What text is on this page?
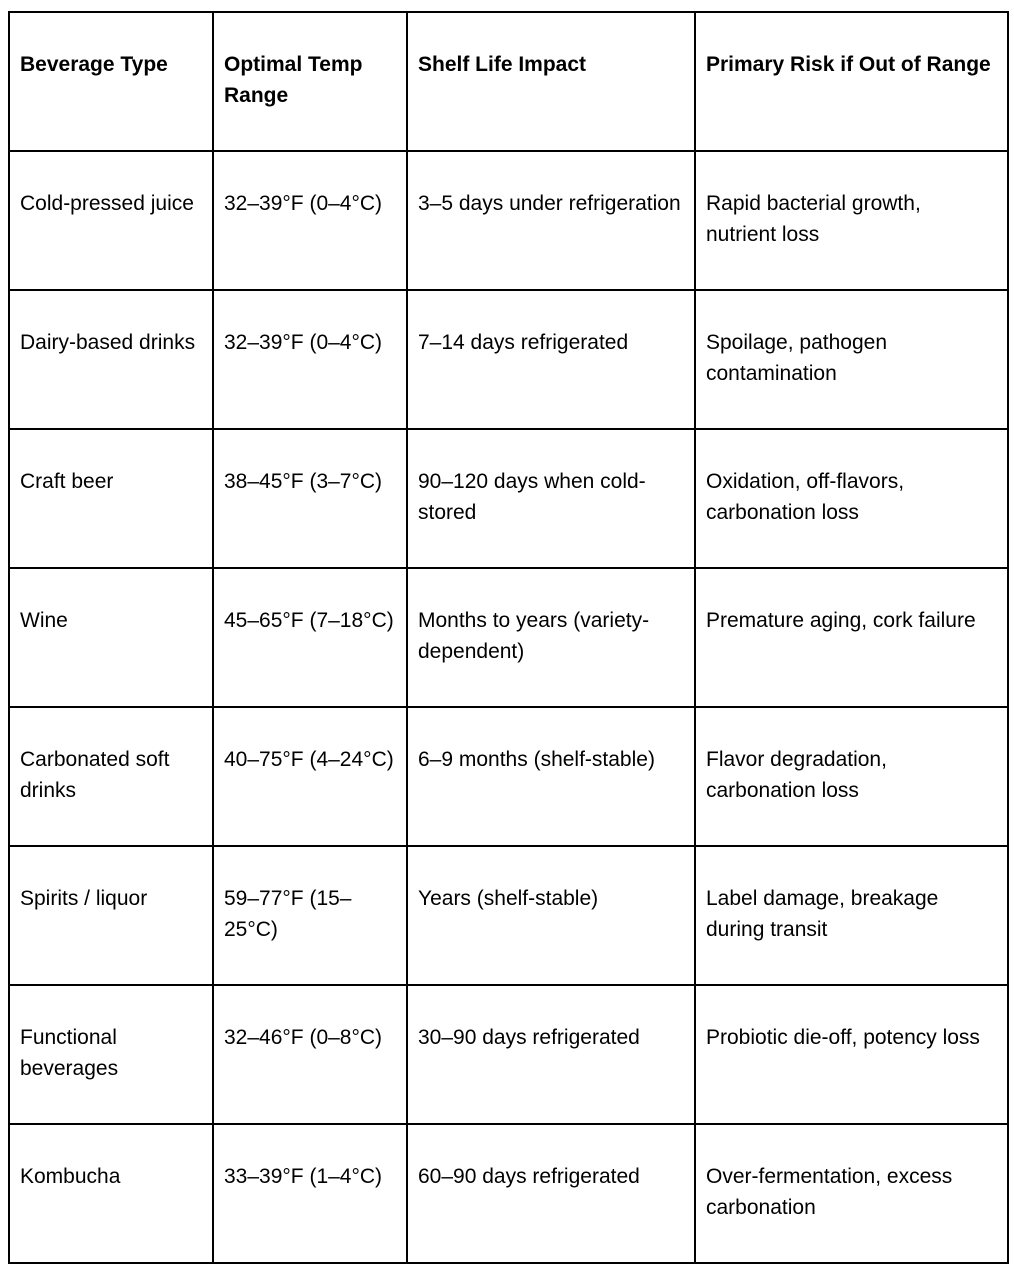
Beverage Type	Optimal Temp Range	Shelf Life Impact	Primary Risk if Out of Range
Cold-pressed juice	32–39°F (0–4°C)	3–5 days under refrigeration	Rapid bacterial growth, nutrient loss
Dairy-based drinks	32–39°F (0–4°C)	7–14 days refrigerated	Spoilage, pathogen contamination
Craft beer	38–45°F (3–7°C)	90–120 days when cold-stored	Oxidation, off-flavors, carbonation loss
Wine	45–65°F (7–18°C)	Months to years (variety-dependent)	Premature aging, cork failure
Carbonated soft drinks	40–75°F (4–24°C)	6–9 months (shelf-stable)	Flavor degradation, carbonation loss
Spirits / liquor	59–77°F (15–25°C)	Years (shelf-stable)	Label damage, breakage during transit
Functional beverages	32–46°F (0–8°C)	30–90 days refrigerated	Probiotic die-off, potency loss
Kombucha	33–39°F (1–4°C)	60–90 days refrigerated	Over-fermentation, excess carbonation
